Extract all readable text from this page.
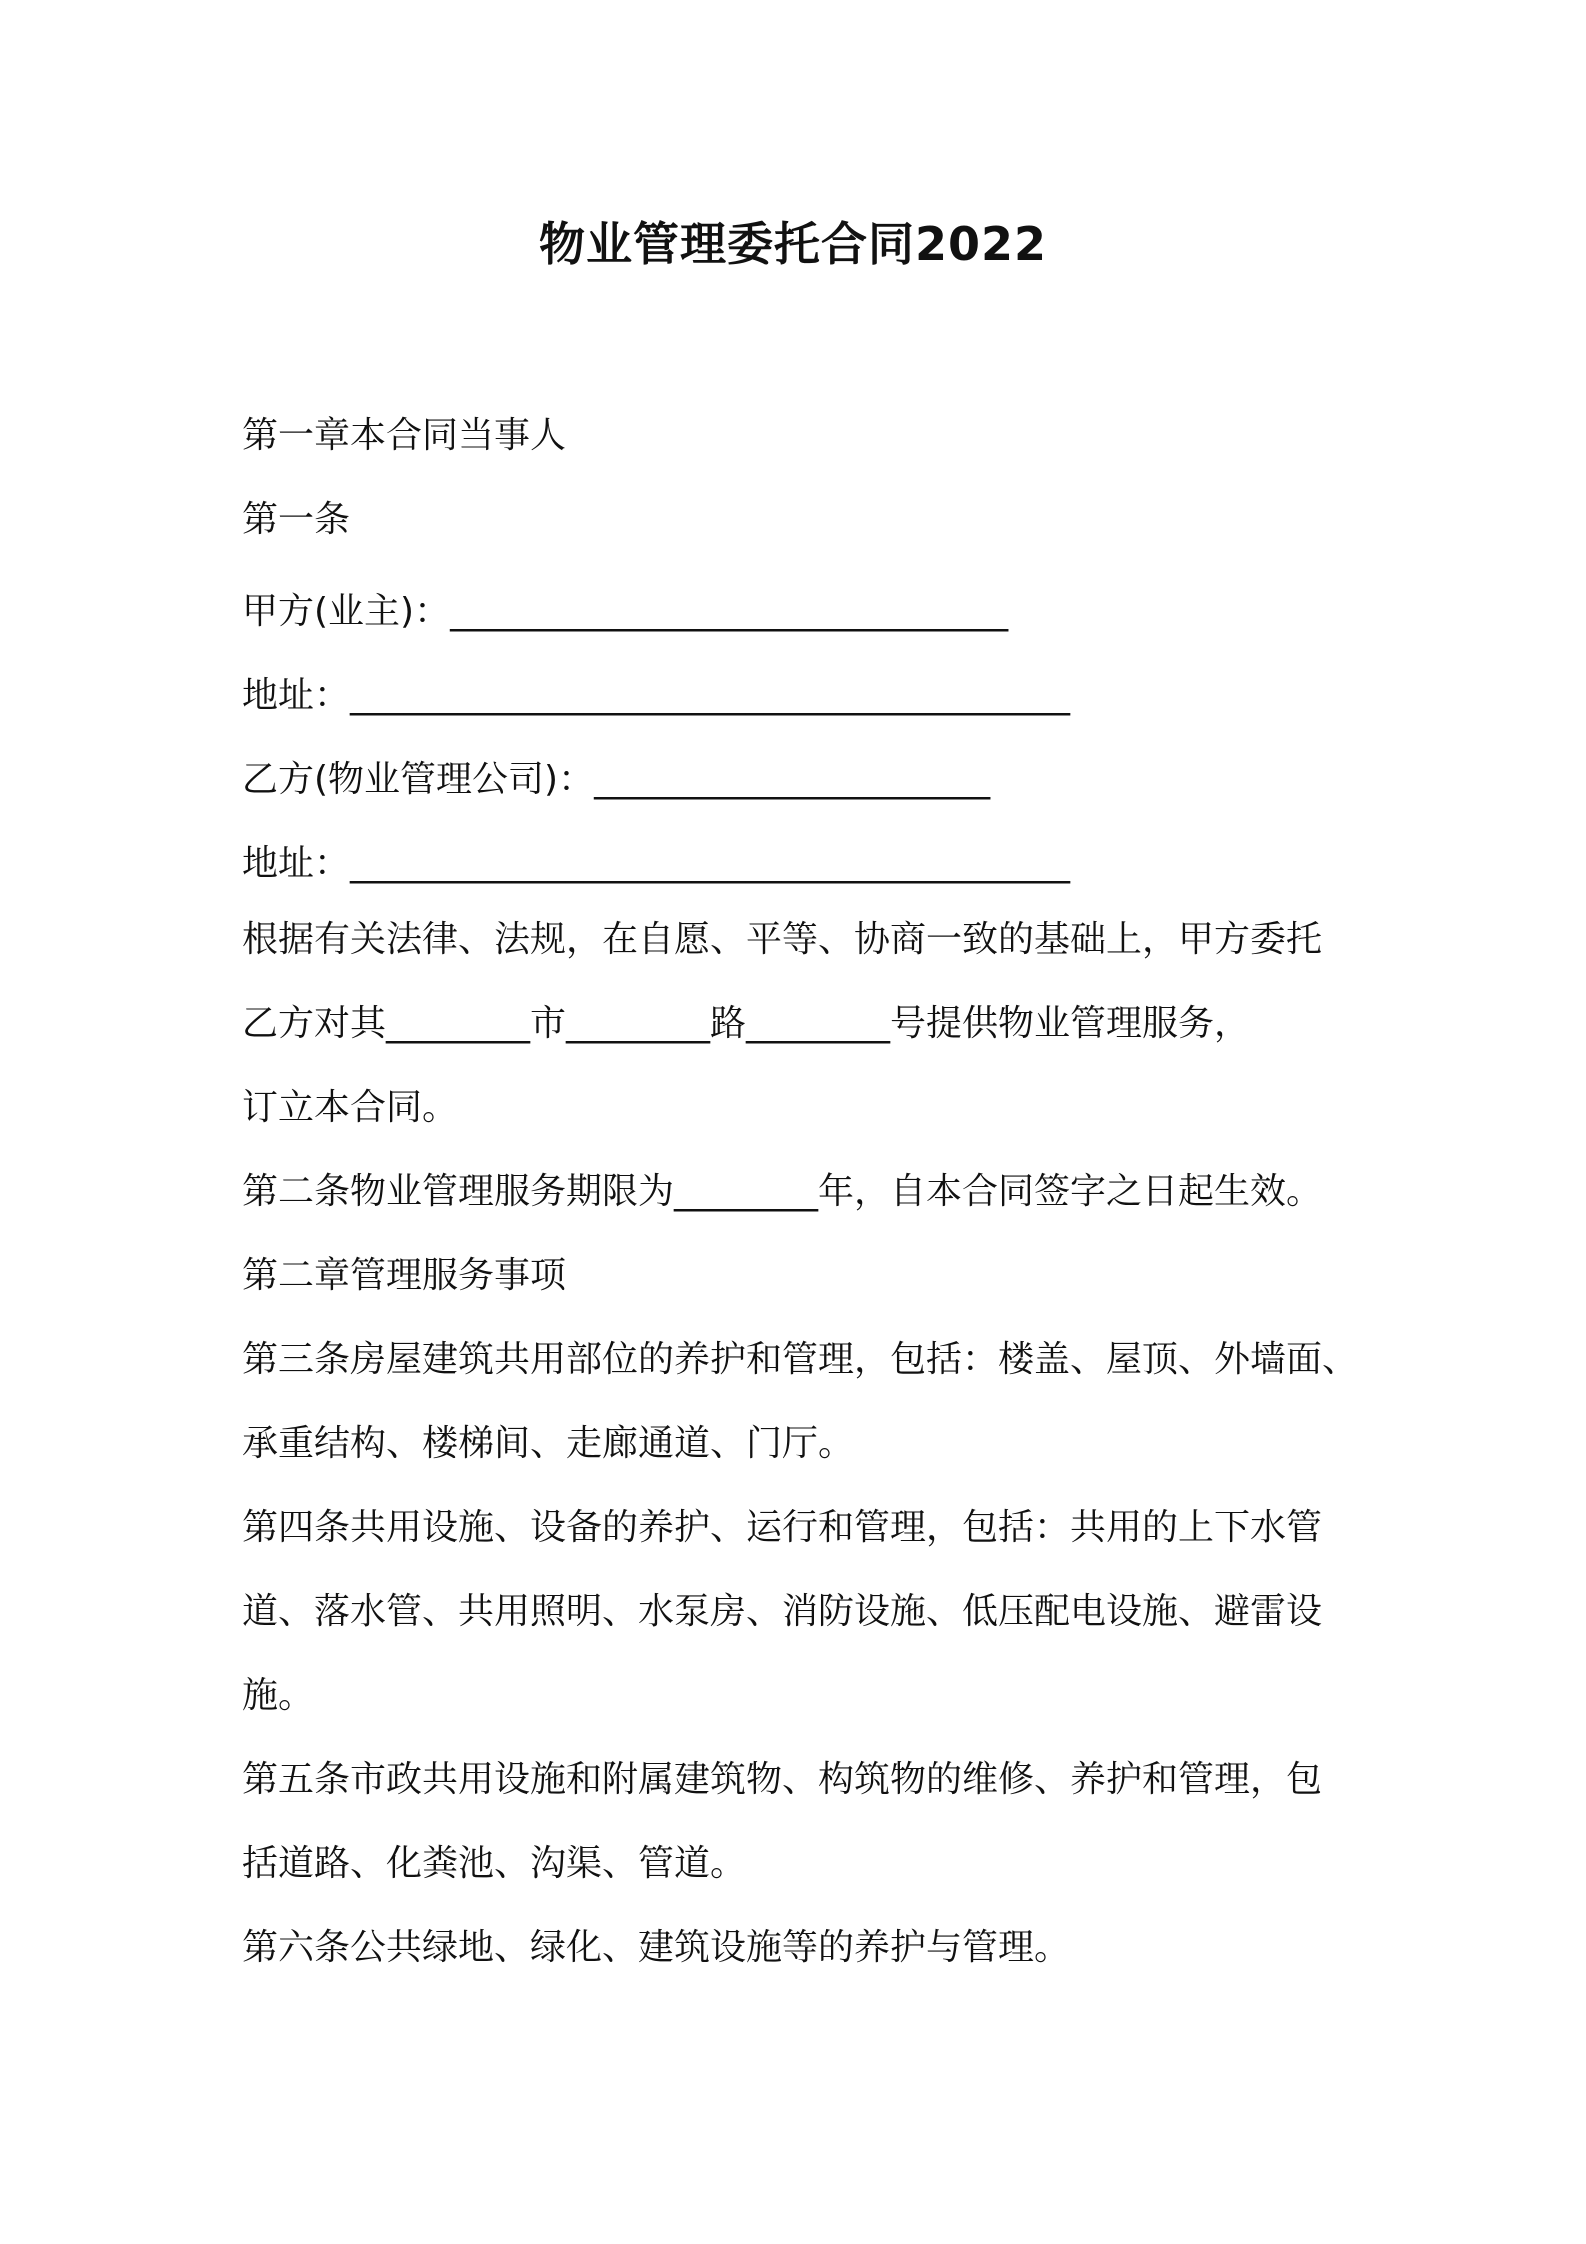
物业管理委托合同2022

第一章本合同当事人

第一条

甲方(业主)：_______________________________

地址：________________________________________

乙方(物业管理公司)：______________________

地址：________________________________________

根据有关法律、法规，在自愿、平等、协商一致的基础上，甲方委托

乙方对其________市________路________号提供物业管理服务，

订立本合同。

第二条物业管理服务期限为________年，自本合同签字之日起生效。

第二章管理服务事项

第三条房屋建筑共用部位的养护和管理，包括：楼盖、屋顶、外墙面、

承重结构、楼梯间、走廊通道、门厅。

第四条共用设施、设备的养护、运行和管理，包括：共用的上下水管

道、落水管、共用照明、水泵房、消防设施、低压配电设施、避雷设

施。

第五条市政共用设施和附属建筑物、构筑物的维修、养护和管理，包

括道路、化粪池、沟渠、管道。

第六条公共绿地、绿化、建筑设施等的养护与管理。
